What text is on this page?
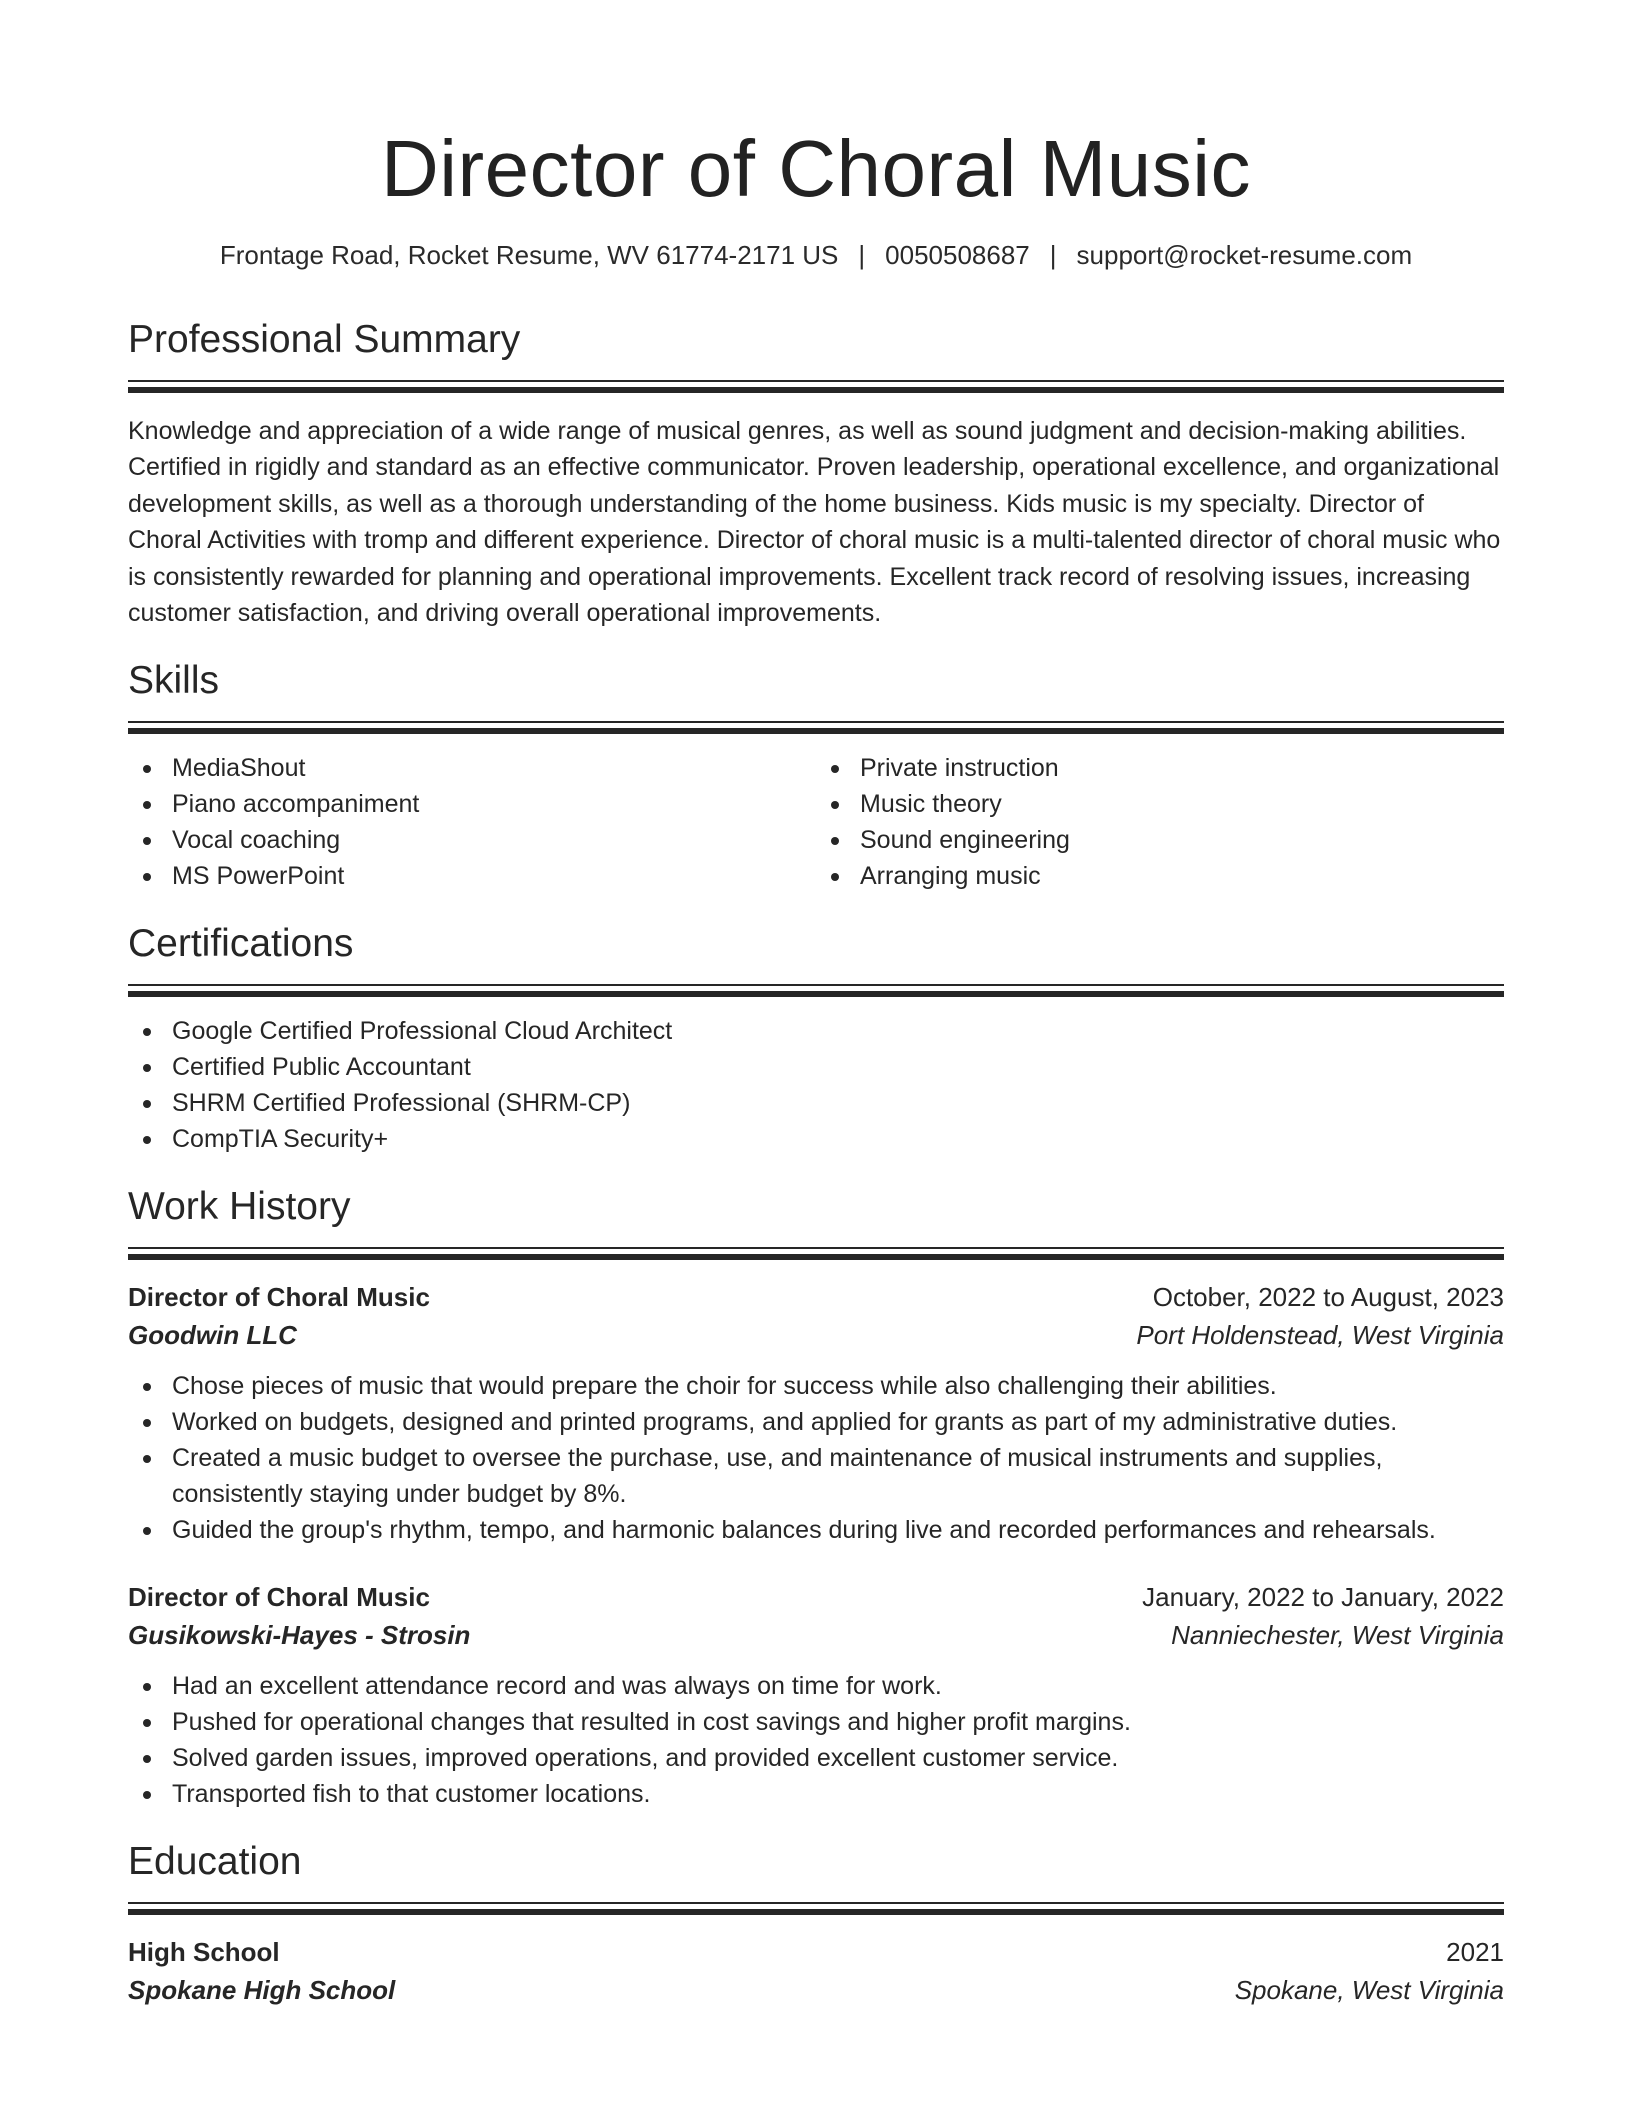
Director of Choral Music
Frontage Road, Rocket Resume, WV 61774-2171 US | 0050508687 | support@rocket-resume.com
Professional Summary

Knowledge and appreciation of a wide range of musical genres, as well as sound judgment and decision-making abilities. Certified in rigidly and standard as an effective communicator. Proven leadership, operational excellence, and organizational development skills, as well as a thorough understanding of the home business. Kids music is my specialty. Director of Choral Activities with tromp and different experience. Director of choral music is a multi-talented director of choral music who is consistently rewarded for planning and operational improvements. Excellent track record of resolving issues, increasing customer satisfaction, and driving overall operational improvements.

Skills
MediaShout
Piano accompaniment
Vocal coaching
MS PowerPoint
Private instruction
Music theory
Sound engineering
Arranging music
Certifications
Google Certified Professional Cloud Architect
Certified Public Accountant
SHRM Certified Professional (SHRM-CP)
CompTIA Security+
Work History
Director of Choral Music	October, 2022 to August, 2023
Goodwin LLC	Port Holdenstead, West Virginia
Chose pieces of music that would prepare the choir for success while also challenging their abilities.
Worked on budgets, designed and printed programs, and applied for grants as part of my administrative duties.
Created a music budget to oversee the purchase, use, and maintenance of musical instruments and supplies, consistently staying under budget by 8%.
Guided the group's rhythm, tempo, and harmonic balances during live and recorded performances and rehearsals.
Director of Choral Music	January, 2022 to January, 2022
Gusikowski-Hayes - Strosin	Nanniechester, West Virginia
Had an excellent attendance record and was always on time for work.
Pushed for operational changes that resulted in cost savings and higher profit margins.
Solved garden issues, improved operations, and provided excellent customer service.
Transported fish to that customer locations.
Education
High School	2021
Spokane High School	Spokane, West Virginia
